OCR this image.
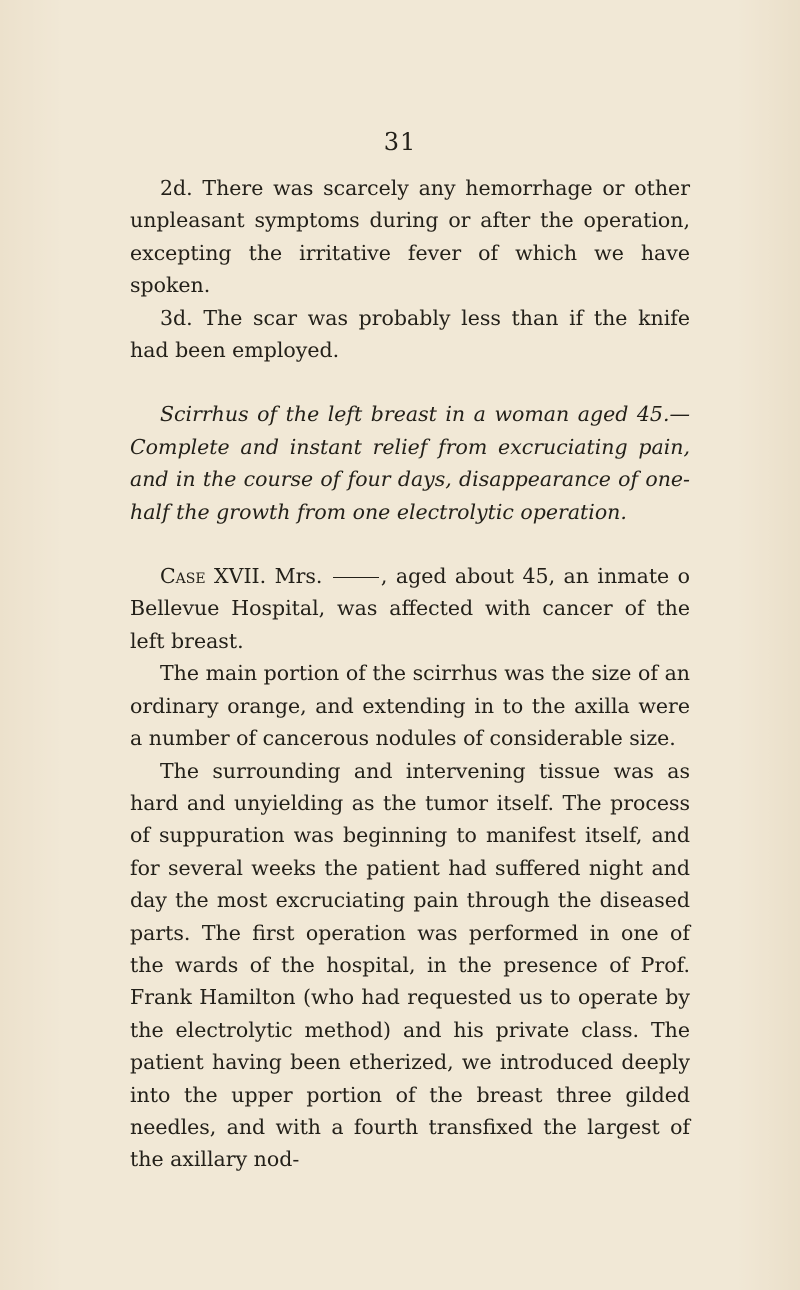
31

2d. There was scarcely any hemorrhage or other unpleasant symptoms during or after the operation, excepting the irritative fever of which we have spoken.

3d. The scar was probably less than if the knife had been employed.

Scirrhus of the left breast in a woman aged 45.— Complete and instant relief from excruciating pain, and in the course of four days, disappearance of one-half the growth from one electrolytic operation.

Case XVII. Mrs.	, aged about 45, an inmate o Bellevue Hospital, was affected with cancer of the left breast.

The main portion of the scirrhus was the size of an ordinary orange, and extending in to the axilla were a number of cancerous nodules of considerable size.

The surrounding and intervening tissue was as hard and unyielding as the tumor itself. The process of suppuration was beginning to manifest itself, and for several weeks the patient had suffered night and day the most excruciating pain through the diseased parts. The first operation was performed in one of the wards of the hospital, in the presence of Prof. Frank Hamilton (who had requested us to operate by the electrolytic method) and his private class. The patient having been etherized, we introduced deeply into the upper portion of the breast three gilded needles, and with a fourth transfixed the largest of the axillary nod-
